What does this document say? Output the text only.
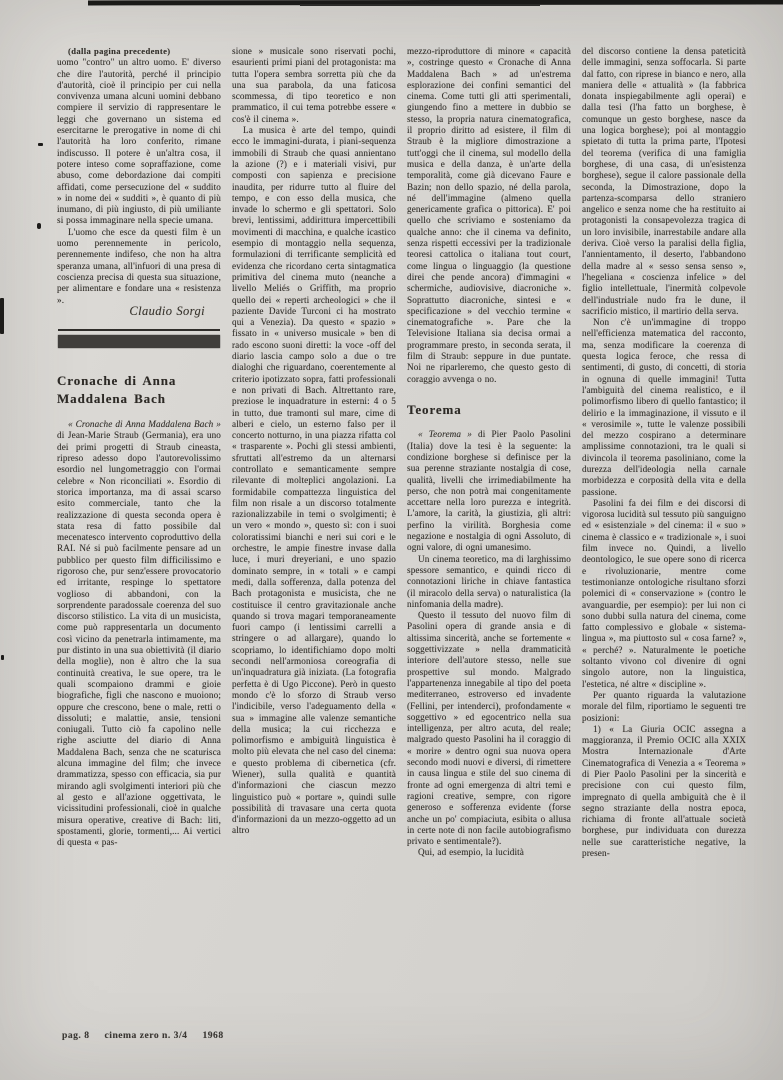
(dalla pagina precedente)

uomo "contro" un altro uomo. E' diverso che dire l'autorità, perché il principio d'autorità, cioè il principio per cui nella convivenza umana alcuni uomini debbano compiere il servizio di rappresentare le leggi che governano un sistema ed esercitarne le prerogative in nome di chi l'autorità ha loro conferito, rimane indiscusso. Il potere è un'altra cosa, il potere inteso come sopraffazione, come abuso, come debordazione dai compiti affidati, come persecuzione del « suddito » in nome dei « sudditi », è quanto di più inumano, di più ingiusto, di più umiliante si possa immaginare nella specie umana.

L'uomo che esce da questi film è un uomo perennemente in pericolo, perennemente indifeso, che non ha altra speranza umana, all'infuori di una presa di coscienza precisa di questa sua situazione, per alimentare e fondare una « resistenza ».

Claudio Sorgi

Cronache di Anna Maddalena Bach

« Cronache di Anna Maddalena Bach » di Jean-Marie Straub (Germania), era uno dei primi progetti di Straub cineasta, ripreso adesso dopo l'autorevolissimo esordio nel lungometraggio con l'ormai celebre « Non riconciliati ». Esordio di storica importanza, ma di assai scarso esito commerciale, tanto che la realizzazione di questa seconda opera è stata resa di fatto possibile dal mecenatesco intervento coproduttivo della RAI. Né si può facilmente pensare ad un pubblico per questo film difficilissimo e rigoroso che, pur senz'essere provocatorio ed irritante, respinge lo spettatore voglioso di abbandoni, con la sorprendente paradossale coerenza del suo discorso stilistico. La vita di un musicista, come può rappresentarla un documento così vicino da penetrarla intimamente, ma pur distinto in una sua obiettività (il diario della moglie), non è altro che la sua continuità creativa, le sue opere, tra le quali scompaiono drammi e gioie biografiche, figli che nascono e muoiono; oppure che crescono, bene o male, retti o dissoluti; e malattie, ansie, tensioni coniugali. Tutto ciò fa capolino nelle righe asciutte del diario di Anna Maddalena Bach, senza che ne scaturisca alcuna immagine del film; che invece drammatizza, spesso con efficacia, sia pur mirando agli svolgimenti interiori più che al gesto e all'azione oggettivata, le vicissitudini professionali, cioè in qualche misura operative, creative di Bach: liti, spostamenti, glorie, tormenti,... Ai vertici di questa « pas-

sione » musicale sono riservati pochi, esaurienti primi piani del protagonista: ma tutta l'opera sembra sorretta più che da una sua parabola, da una faticosa scommessa, di tipo teoretico e non prammatico, il cui tema potrebbe essere « cos'è il cinema ».

La musica è arte del tempo, quindi ecco le immagini-durata, i piani-sequenza immobili di Straub che quasi annientano la azione (?) e i materiali visivi, pur composti con sapienza e precisione inaudita, per ridurre tutto al fluire del tempo, e con esso della musica, che invade lo schermo e gli spettatori. Solo brevi, lentissimi, addirittura impercettibili movimenti di macchina, e qualche icastico esempio di montaggio nella sequenza, formulazioni di terrificante semplicità ed evidenza che ricordano certa sintagmatica primitiva del cinema muto (neanche a livello Meliés o Griffith, ma proprio quello dei « reperti archeologici » che il paziente Davide Turconi ci ha mostrato qui a Venezia). Da questo « spazio » fissato in « universo musicale » ben di rado escono suoni diretti: la voce -off del diario lascia campo solo a due o tre dialoghi che riguardano, coerentemente al criterio ipotizzato sopra, fatti professionali e non privati di Bach. Altrettanto rare, preziose le inquadrature in esterni: 4 o 5 in tutto, due tramonti sul mare, cime di alberi e cielo, un esterno falso per il concerto notturno, in una piazza rifatta col « trasparente ». Pochi gli stessi ambienti, sfruttati all'estremo da un alternarsi controllato e semanticamente sempre rilevante di molteplici angolazioni. La formidabile compattezza linguistica del film non risale a un discorso totalmente razionalizzabile in temi o svolgimenti; è un vero « mondo », questo sì: con i suoi coloratissimi bianchi e neri sui cori e le orchestre, le ampie finestre invase dalla luce, i muri dreyeriani, e uno spazio dominato sempre, in « totali » e campi medi, dalla sofferenza, dalla potenza del Bach protagonista e musicista, che ne costituisce il centro gravitazionale anche quando si trova magari temporaneamente fuori campo (i lentissimi carrelli a stringere o ad allargare), quando lo scopriamo, lo identifichiamo dopo molti secondi nell'armoniosa coreografia di un'inquadratura già iniziata. (La fotografia perfetta è di Ugo Piccone). Però in questo mondo c'è lo sforzo di Straub verso l'indicibile, verso l'adeguamento della « sua » immagine alle valenze semantiche della musica; la cui ricchezza e polimorfismo e ambiguità linguistica è molto più elevata che nel caso del cinema: e questo problema di cibernetica (cfr. Wiener), sulla qualità e quantità d'informazioni che ciascun mezzo linguistico può « portare », quindi sulle possibilità di travasare una certa quota d'informazioni da un mezzo-oggetto ad un altro

mezzo-riproduttore di minore « capacità », costringe questo « Cronache di Anna Maddalena Bach » ad un'estrema esplorazione dei confini semantici del cinema. Come tutti gli atti sperimentali, giungendo fino a mettere in dubbio se stesso, la propria natura cinematografica, il proprio diritto ad esistere, il film di Straub è la migliore dimostrazione a tutt'oggi che il cinema, sul modello della musica e della danza, è un'arte della temporalità, come già dicevano Faure e Bazin; non dello spazio, né della parola, né dell'immagine (almeno quella genericamente grafica o pittorica). E' poi quello che scriviamo e sosteniamo da qualche anno: che il cinema va definito, senza rispetti eccessivi per la tradizionale teoresi cattolica o italiana tout court, come lingua o linguaggio (la questione direi che pende ancora) d'immagini « schermiche, audiovisive, diacroniche ». Soprattutto diacroniche, sintesi e « specificazione » del vecchio termine « cinematografiche ». Pare che la Televisione Italiana sia decisa ormai a programmare presto, in seconda serata, il film di Straub: seppure in due puntate. Noi ne riparleremo, che questo gesto di coraggio avvenga o no.

Teorema

« Teorema » di Pier Paolo Pasolini (Italia) dove la tesi è la seguente: la condizione borghese si definisce per la sua perenne straziante nostalgia di cose, qualità, livelli che irrimediabilmente ha perso, che non potrà mai congenitamente accettare nella loro purezza e integrità. L'amore, la carità, la giustizia, gli altri: perfino la virilità. Borghesia come negazione e nostalgia di ogni Assoluto, di ogni valore, di ogni umanesimo.

Un cinema teoretico, ma di larghissimo spessore semantico, e quindi ricco di connotazioni liriche in chiave fantastica (il miracolo della serva) o naturalistica (la ninfomania della madre).

Questo il tessuto del nuovo film di Pasolini opera di grande ansia e di altissima sincerità, anche se fortemente « soggettivizzate » nella drammaticità interiore dell'autore stesso, nelle sue prospettive sul mondo. Malgrado l'appartenenza innegabile al tipo del poeta mediterraneo, estroverso ed invadente (Fellini, per intenderci), profondamente « soggettivo » ed egocentrico nella sua intelligenza, per altro acuta, del reale; malgrado questo Pasolini ha il coraggio di « morire » dentro ogni sua nuova opera secondo modi nuovi e diversi, di rimettere in causa lingua e stile del suo cinema di fronte ad ogni emergenza di altri temi e ragioni creative, sempre, con rigore generoso e sofferenza evidente (forse anche un po' compiaciuta, esibita o allusa in certe note di non facile autobiografismo privato e sentimentale?).

Qui, ad esempio, la lucidità

del discorso contiene la densa pateticità delle immagini, senza soffocarla. Si parte dal fatto, con riprese in bianco e nero, alla maniera delle « attualità » (la fabbrica donata inspiegabilmente agli operai) e dalla tesi (l'ha fatto un borghese, è comunque un gesto borghese, nasce da una logica borghese); poi al montaggio spietato di tutta la prima parte, l'Ipotesi del teorema (verifica di una famiglia borghese, di una casa, di un'esistenza borghese), segue il calore passionale della seconda, la Dimostrazione, dopo la partenza-scomparsa dello straniero angelico e senza nome che ha restituito ai protagonisti la consapevolezza tragica di un loro invisibile, inarrestabile andare alla deriva. Cioè verso la paralisi della figlia, l'annientamento, il deserto, l'abbandono della madre al « sesso sensa senso », l'hegeliana « coscienza infelice » del figlio intellettuale, l'inermità colpevole dell'industriale nudo fra le dune, il sacrificio mistico, il martirio della serva.

Non c'è un'immagine di troppo nell'efficienza matematica del racconto, ma, senza modificare la coerenza di questa logica feroce, che ressa di sentimenti, di gusto, di concetti, di storia in ognuna di quelle immagini! Tutta l'ambiguità del cinema realistico, e il polimorfismo libero di quello fantastico; il delirio e la immaginazione, il vissuto e il « verosimile », tutte le valenze possibili del mezzo cospirano a determinare amplissime connotazioni, tra le quali si divincola il teorema pasoliniano, come la durezza dell'ideologia nella carnale morbidezza e corposità della vita e della passione.

Pasolini fa dei film e dei discorsi di vigorosa lucidità sul tessuto più sanguigno ed « esistenziale » del cinema: il « suo » cinema è classico e « tradizionale », i suoi film invece no. Quindi, a livello deontologico, le sue opere sono di ricerca e rivoluzionarie, mentre come testimonianze ontologiche risultano sforzi polemici di « conservazione » (contro le avanguardie, per esempio): per lui non ci sono dubbi sulla natura del cinema, come fatto complessivo e globale « sistema-lingua », ma piuttosto sul « cosa farne? », « perché? ». Naturalmente le poetiche soltanto vivono col divenire di ogni singolo autore, non la linguistica, l'estetica, né altre « discipline ».

Per quanto riguarda la valutazione morale del film, riportiamo le seguenti tre posizioni:

1) « La Giuria OCIC assegna a maggioranza, il Premio OCIC alla XXIX Mostra Internazionale d'Arte Cinematografica di Venezia a « Teorema » di Pier Paolo Pasolini per la sincerità e precisione con cui questo film, impregnato di quella ambiguità che è il segno straziante della nostra epoca, richiama di fronte all'attuale società borghese, pur individuata con durezza nelle sue caratteristiche negative, la presen-

pag. 8 cinema zero n. 3/4 1968
